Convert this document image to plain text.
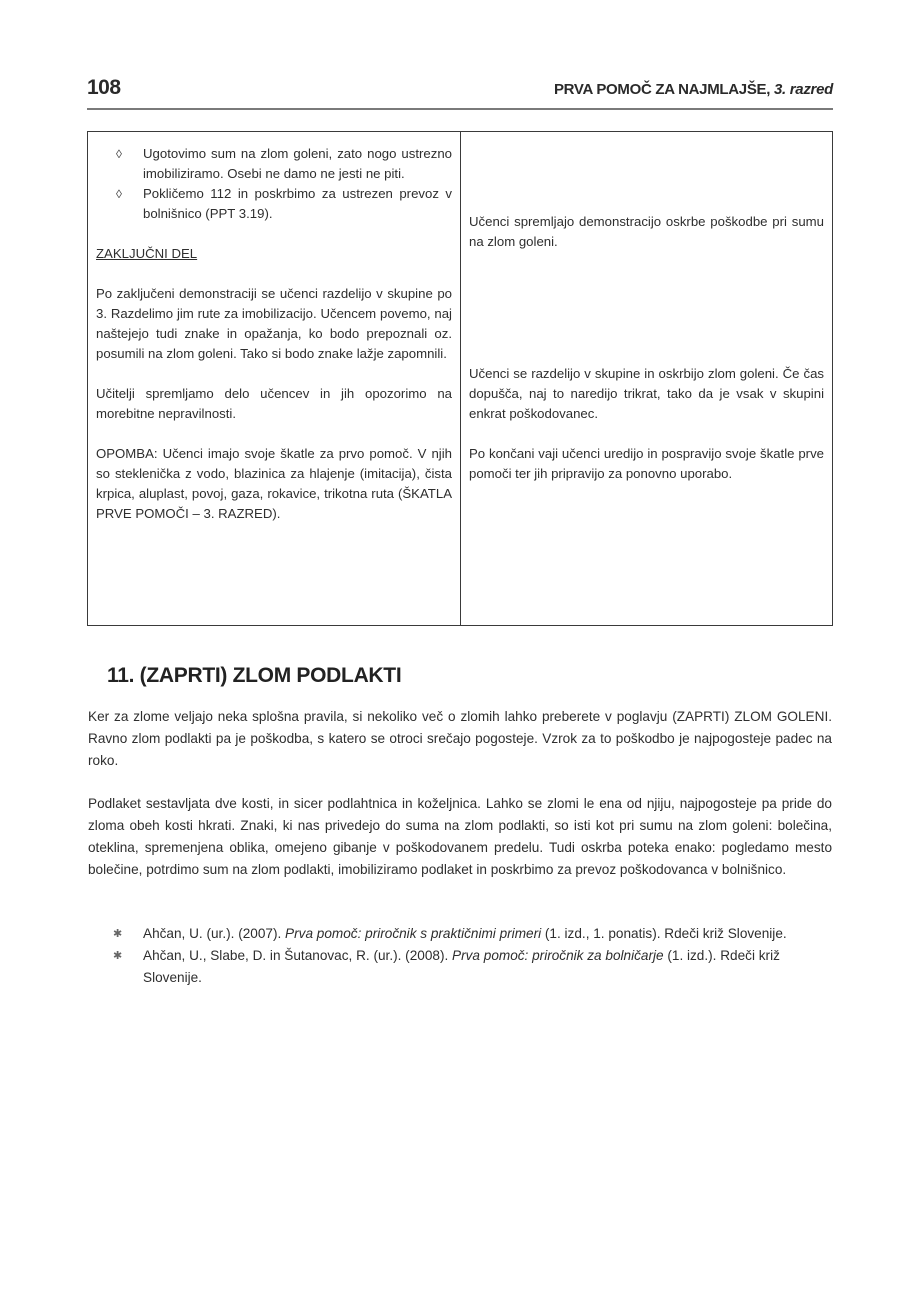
108	PRVA POMOČ ZA NAJMLAJŠE, 3. razred
◊ Ugotovimo sum na zlom goleni, zato nogo ustrezno imobiliziramo. Osebi ne damo ne jesti ne piti.
◊ Pokličemo 112 in poskrbimo za ustrezen prevoz v bolnišnico (PPT 3.19).
ZAKLJUČNI DEL

Po zaključeni demonstraciji se učenci razdelijo v skupine po 3. Razdelimo jim rute za imobilizacijo. Učencem povemo, naj naštejejo tudi znake in opažanja, ko bodo prepoznali oz. posumili na zlom goleni. Tako si bodo znake lažje zapomnili.

Učitelji spremljamo delo učencev in jih opozorimo na morebitne nepravilnosti.

OPOMBA: Učenci imajo svoje škatle za prvo pomoč. V njih so steklenička z vodo, blazinica za hlajenje (imitacija), čista krpica, aluplast, povoj, gaza, rokavice, trikotna ruta (ŠKATLA PRVE POMOČI – 3. RAZRED).

Učenci spremljajo demonstracijo oskrbe poškodbe pri sumu na zlom goleni.

Učenci se razdelijo v skupine in oskrbijo zlom goleni. Če čas dopušča, naj to naredijo trikrat, tako da je vsak v skupini enkrat poškodovanec.

Po končani vaji učenci uredijo in pospravijo svoje škatle prve pomoči ter jih pripravijo za ponovno uporabo.

11. (ZAPRTI) ZLOM PODLAKTI

Ker za zlome veljajo neka splošna pravila, si nekoliko več o zlomih lahko preberete v poglavju (ZAPRTI) ZLOM GOLENI. Ravno zlom podlakti pa je poškodba, s katero se otroci srečajo pogosteje. Vzrok za to poškodbo je najpogosteje padec na roko.

Podlaket sestavljata dve kosti, in sicer podlahtnica in koželjnica. Lahko se zlomi le ena od njiju, najpogosteje pa pride do zloma obeh kosti hkrati. Znaki, ki nas privedejo do suma na zlom podlakti, so isti kot pri sumu na zlom goleni: bolečina, oteklina, spremenjena oblika, omejeno gibanje v poškodovanem predelu. Tudi oskrba poteka enako: pogledamo mesto bolečine, potrdimo sum na zlom podlakti, imobiliziramo podlaket in poskrbimo za prevoz poškodovanca v bolnišnico.

✱ Ahčan, U. (ur.). (2007). Prva pomoč: priročnik s praktičnimi primeri (1. izd., 1. ponatis). Rdeči križ Slovenije.
✱ Ahčan, U., Slabe, D. in Šutanovac, R. (ur.). (2008). Prva pomoč: priročnik za bolničarje (1. izd.). Rdeči križ Slovenije.
